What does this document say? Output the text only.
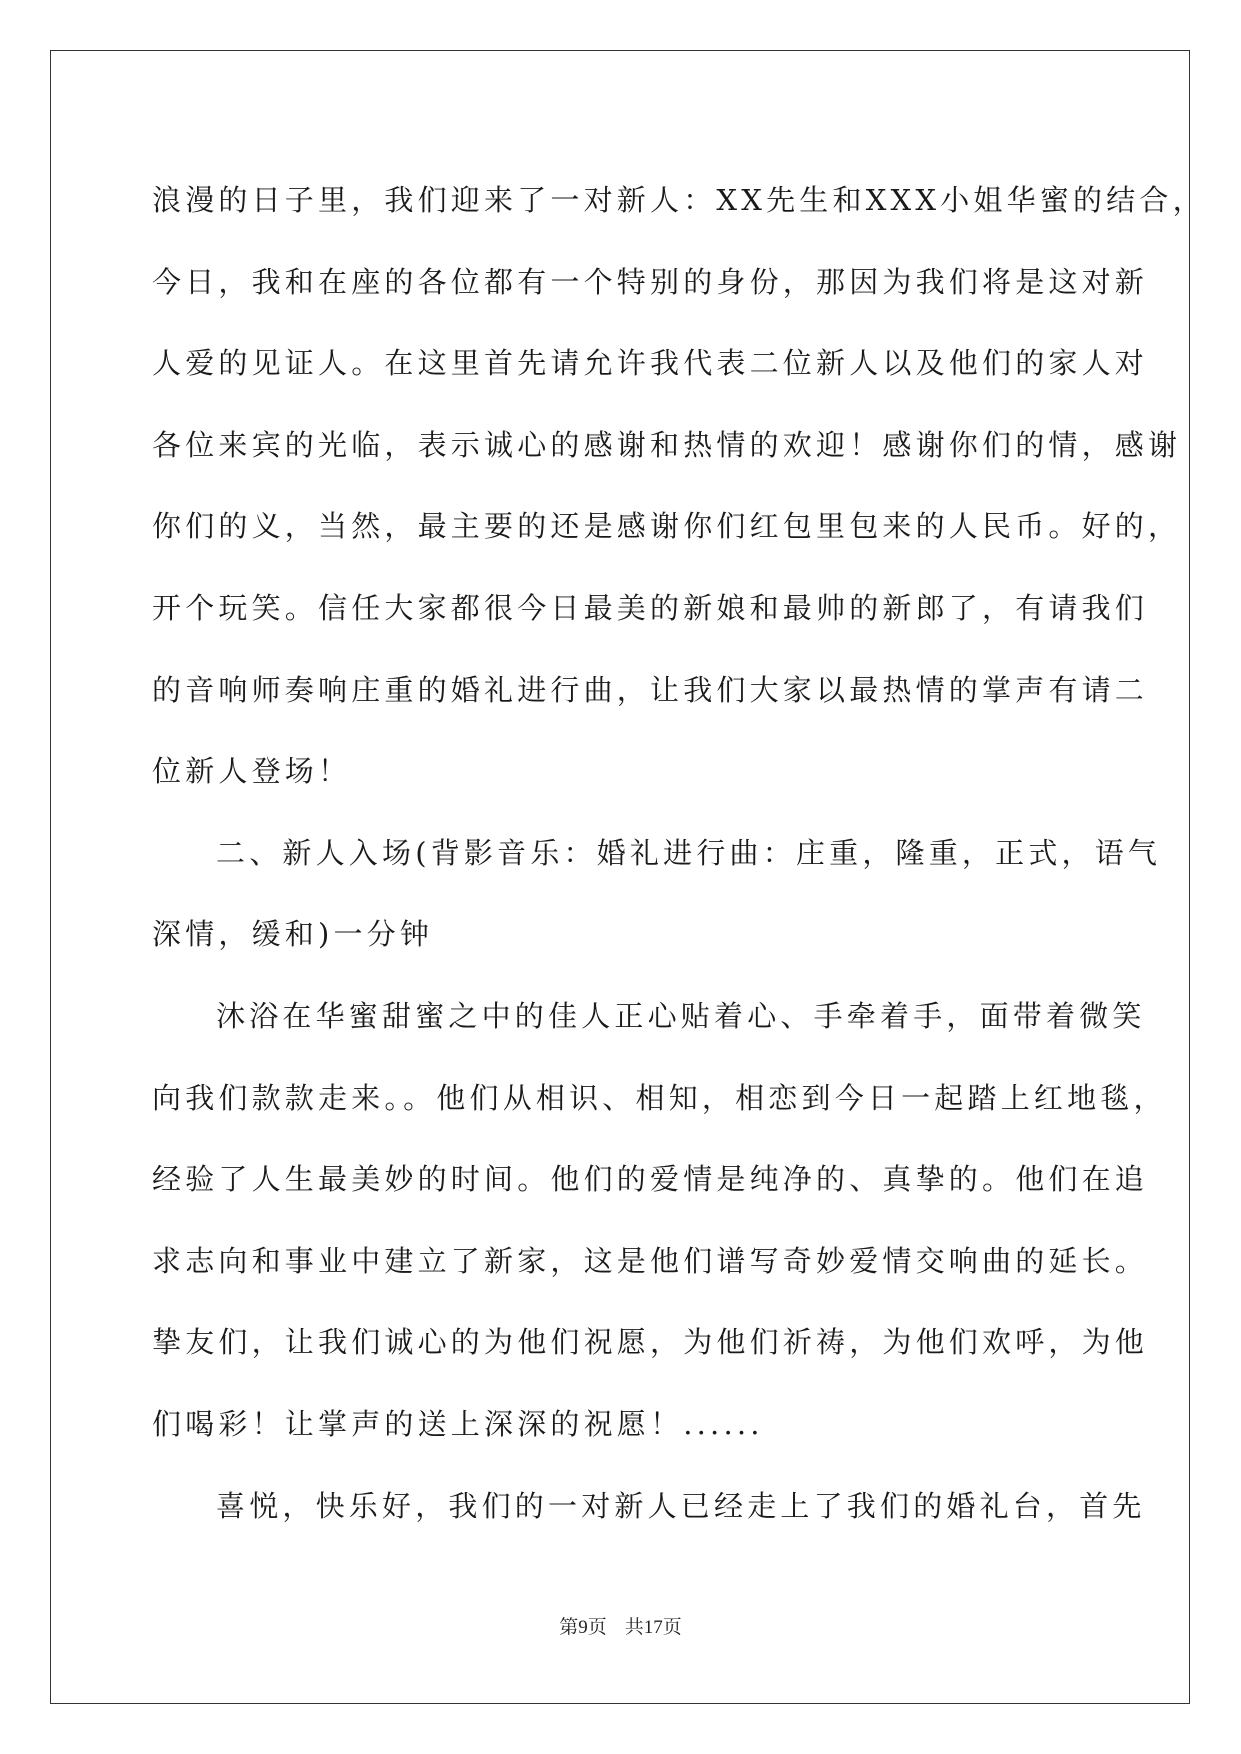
浪漫的日子里，我们迎来了一对新人：XX先生和XXX小姐华蜜的结合，
今日，我和在座的各位都有一个特别的身份，那因为我们将是这对新
人爱的见证人。在这里首先请允许我代表二位新人以及他们的家人对
各位来宾的光临，表示诚心的感谢和热情的欢迎！感谢你们的情，感谢
你们的义，当然，最主要的还是感谢你们红包里包来的人民币。好的，
开个玩笑。信任大家都很今日最美的新娘和最帅的新郎了，有请我们
的音响师奏响庄重的婚礼进行曲，让我们大家以最热情的掌声有请二
位新人登场！
二、新人入场(背影音乐：婚礼进行曲：庄重，隆重，正式，语气
深情，缓和)一分钟
沐浴在华蜜甜蜜之中的佳人正心贴着心、手牵着手，面带着微笑
向我们款款走来。。他们从相识、相知，相恋到今日一起踏上红地毯，
经验了人生最美妙的时间。他们的爱情是纯净的、真挚的。他们在追
求志向和事业中建立了新家，这是他们谱写奇妙爱情交响曲的延长。
挚友们，让我们诚心的为他们祝愿，为他们祈祷，为他们欢呼，为他
们喝彩！让掌声的送上深深的祝愿！......
喜悦，快乐好，我们的一对新人已经走上了我们的婚礼台，首先
第9页 共17页
